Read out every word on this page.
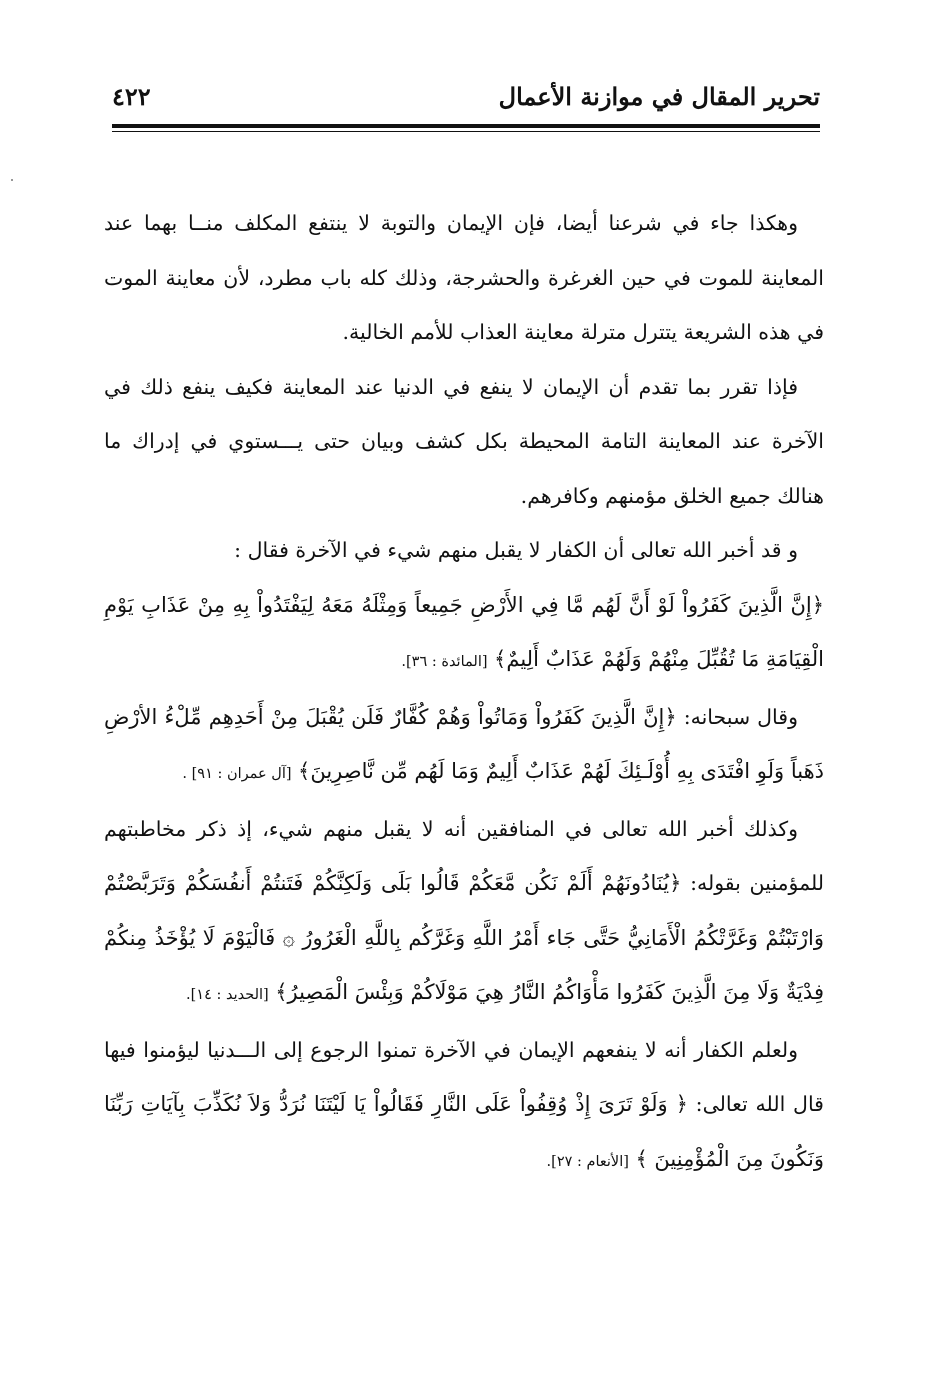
تحرير المقال في موازنة الأعمال
٤٢٢

وهكذا جاء في شرعنا أيضا، فإن الإيمان والتوبة لا ينتفع المكلف منــا بهما عند المعاينة للموت في حين الغرغرة والحشرجة، وذلك كله باب مطرد، لأن معاينة الموت في هذه الشريعة يتترل مترلة معاينة العذاب للأمم الخالية.

فإذا تقرر بما تقدم أن الإيمان لا ينفع في الدنيا عند المعاينة فكيف ينفع ذلك في الآخرة عند المعاينة التامة المحيطة بكل كشف وبيان حتى يـــستوي في إدراك ما هنالك جميع الخلق مؤمنهم وكافرهم.

و قد أخبر الله تعالى أن الكفار لا يقبل منهم شيء في الآخرة فقال :

﴿إِنَّ الَّذِينَ كَفَرُواْ لَوْ أَنَّ لَهُم مَّا فِي الأَرْضِ جَمِيعاً وَمِثْلَهُ مَعَهُ لِيَفْتَدُواْ بِهِ مِنْ عَذَابِ يَوْمِ الْقِيَامَةِ مَا تُقُبِّلَ مِنْهُمْ وَلَهُمْ عَذَابٌ أَلِيمٌ﴾ [المائدة : ٣٦].

وقال سبحانه: ﴿إِنَّ الَّذِينَ كَفَرُواْ وَمَاتُواْ وَهُمْ كُفَّارٌ فَلَن يُقْبَلَ مِنْ أَحَدِهِم مِّلْءُ الأرْضِ ذَهَباً وَلَوِ افْتَدَى بِهِ أُوْلَـئِكَ لَهُمْ عَذَابٌ أَلِيمٌ وَمَا لَهُم مِّن نَّاصِرِينَ﴾ [آل عمران : ٩١] .

وكذلك أخبر الله تعالى في المنافقين أنه لا يقبل منهم شيء، إذ ذكر مخاطبتهم للمؤمنين بقوله: ﴿يُنَادُونَهُمْ أَلَمْ نَكُن مَّعَكُمْ قَالُوا بَلَى وَلَكِنَّكُمْ فَتَنتُمْ أَنفُسَكُمْ وَتَرَبَّصْتُمْ وَارْتَبْتُمْ وَغَرَّتْكُمُ الْأَمَانِيُّ حَتَّى جَاء أَمْرُ اللَّهِ وَغَرَّكُم بِاللَّهِ الْغَرُورُ ۞ فَالْيَوْمَ لَا يُؤْخَذُ مِنكُمْ فِدْيَةٌ وَلَا مِنَ الَّذِينَ كَفَرُوا مَأْوَاكُمُ النَّارُ هِيَ مَوْلَاكُمْ وَبِئْسَ الْمَصِيرُ﴾ [الحديد : ١٤].

ولعلم الكفار أنه لا ينفعهم الإيمان في الآخرة تمنوا الرجوع إلى الـــدنيا ليؤمنوا فيها قال الله تعالى: ﴿ وَلَوْ تَرَىَ إِذْ وُقِفُواْ عَلَى النَّارِ فَقَالُواْ يَا لَيْتَنَا نُرَدُّ وَلاَ نُكَذِّبَ بِآيَاتِ رَبِّنَا وَنَكُونَ مِنَ الْمُؤْمِنِينَ ﴾ [الأنعام : ٢٧].
